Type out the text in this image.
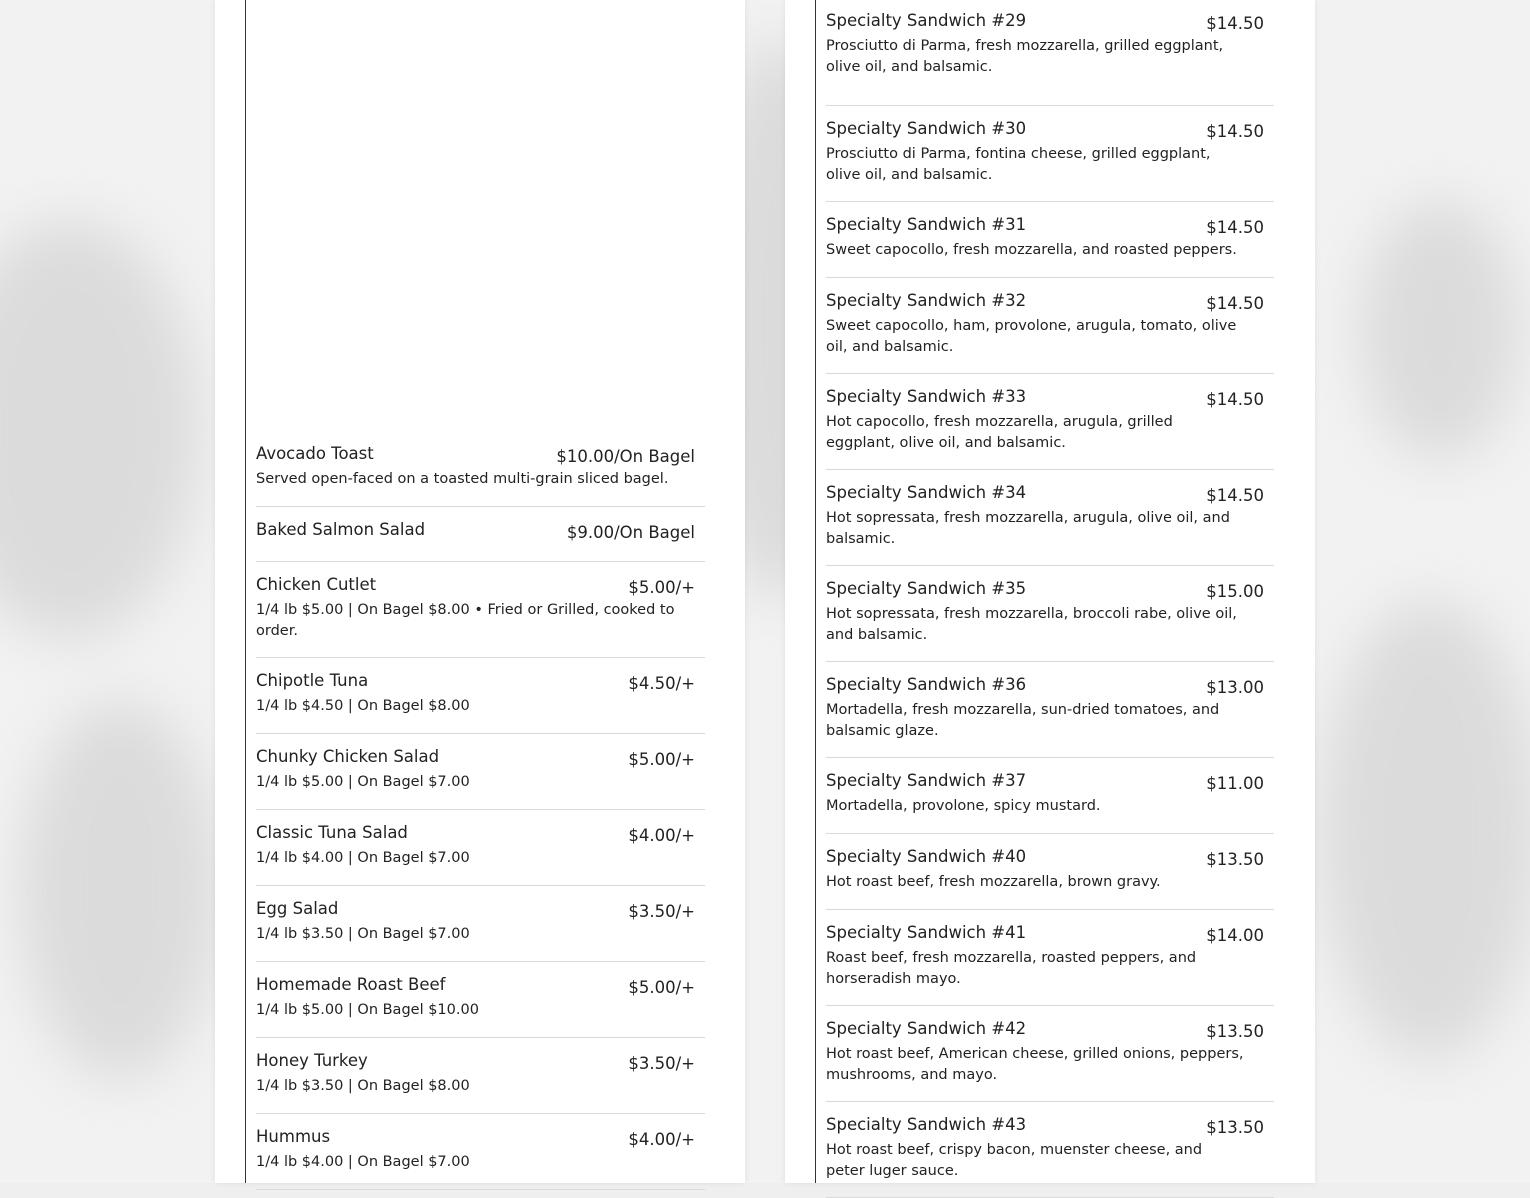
Avocado Toast	$10.00/On Bagel
Served open-faced on a toasted multi-grain sliced bagel.
Baked Salmon Salad	$9.00/On Bagel
Chicken Cutlet	$5.00/+
1/4 lb $5.00 | On Bagel $8.00 • Fried or Grilled, cooked to order.
Chipotle Tuna	$4.50/+
1/4 lb $4.50 | On Bagel $8.00
Chunky Chicken Salad	$5.00/+
1/4 lb $5.00 | On Bagel $7.00
Classic Tuna Salad	$4.00/+
1/4 lb $4.00 | On Bagel $7.00
Egg Salad	$3.50/+
1/4 lb $3.50 | On Bagel $7.00
Homemade Roast Beef	$5.00/+
1/4 lb $5.00 | On Bagel $10.00
Honey Turkey	$3.50/+
1/4 lb $3.50 | On Bagel $8.00
Hummus	$4.00/+
1/4 lb $4.00 | On Bagel $7.00
Specialty Sandwich #29	$14.50
Prosciutto di Parma, fresh mozzarella, grilled eggplant, olive oil, and balsamic.
Specialty Sandwich #30	$14.50
Prosciutto di Parma, fontina cheese, grilled eggplant, olive oil, and balsamic.
Specialty Sandwich #31	$14.50
Sweet capocollo, fresh mozzarella, and roasted peppers.
Specialty Sandwich #32	$14.50
Sweet capocollo, ham, provolone, arugula, tomato, olive oil, and balsamic.
Specialty Sandwich #33	$14.50
Hot capocollo, fresh mozzarella, arugula, grilled eggplant, olive oil, and balsamic.
Specialty Sandwich #34	$14.50
Hot sopressata, fresh mozzarella, arugula, olive oil, and balsamic.
Specialty Sandwich #35	$15.00
Hot sopressata, fresh mozzarella, broccoli rabe, olive oil, and balsamic.
Specialty Sandwich #36	$13.00
Mortadella, fresh mozzarella, sun-dried tomatoes, and balsamic glaze.
Specialty Sandwich #37	$11.00
Mortadella, provolone, spicy mustard.
Specialty Sandwich #40	$13.50
Hot roast beef, fresh mozzarella, brown gravy.
Specialty Sandwich #41	$14.00
Roast beef, fresh mozzarella, roasted peppers, and horseradish mayo.
Specialty Sandwich #42	$13.50
Hot roast beef, American cheese, grilled onions, peppers, mushrooms, and mayo.
Specialty Sandwich #43	$13.50
Hot roast beef, crispy bacon, muenster cheese, and peter luger sauce.
